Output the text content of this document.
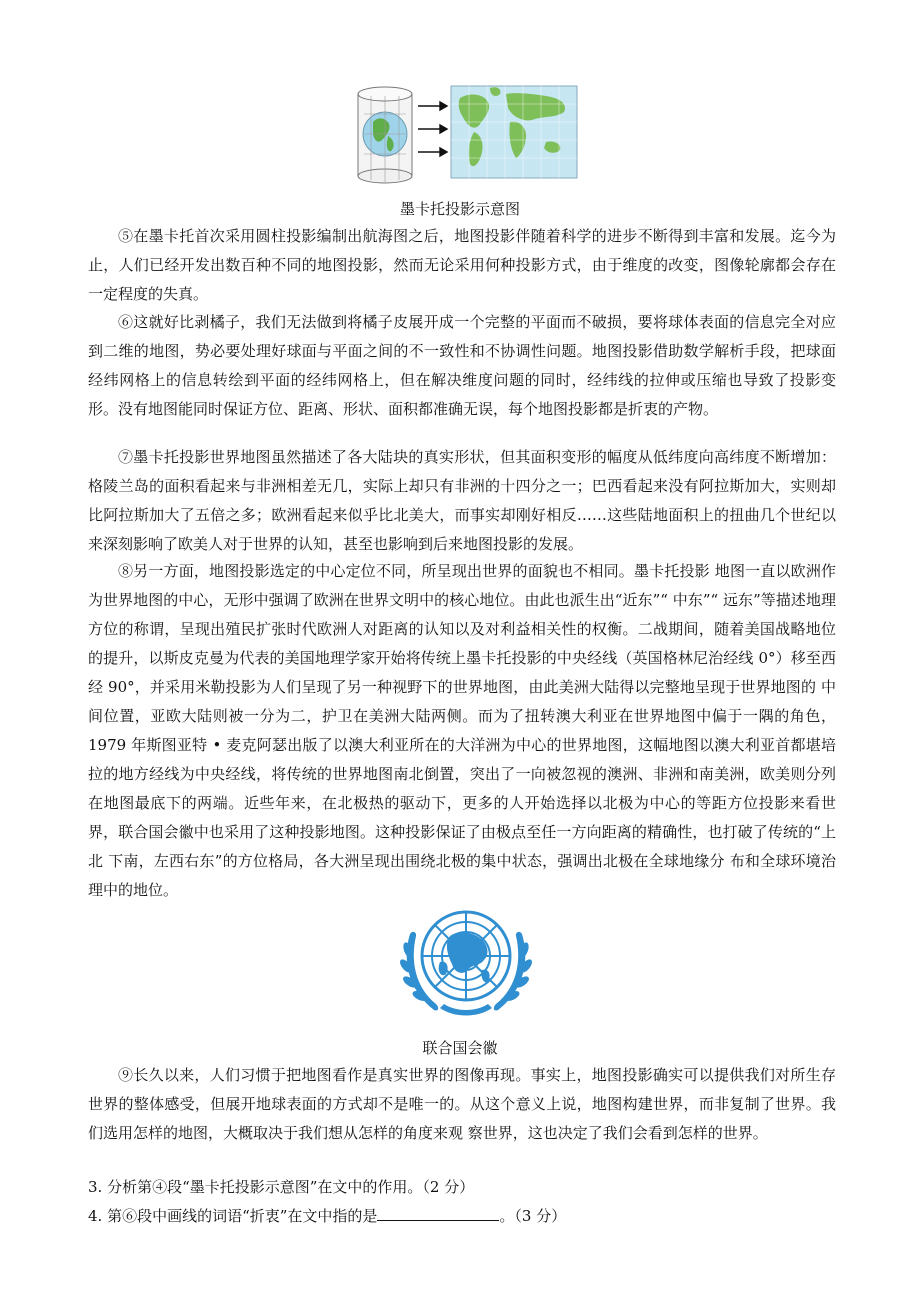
墨卡托投影示意图

⑤在墨卡托首次采用圆柱投影编制出航海图之后，地图投影伴随着科学的进步不断得到丰富和发展。迄今为止，人们已经开发出数百种不同的地图投影，然而无论采用何种投影方式，由于维度的改变，图像轮廓都会存在一定程度的失真。

⑥这就好比剥橘子，我们无法做到将橘子皮展开成一个完整的平面而不破损，要将球体表面的信息完全对应到二维的地图，势必要处理好球面与平面之间的不一致性和不协调性问题。地图投影借助数学解析手段，把球面经纬网格上的信息转绘到平面的经纬网格上，但在解决维度问题的同时，经纬线的拉伸或压缩也导致了投影变形。没有地图能同时保证方位、距离、形状、面积都准确无误，每个地图投影都是折衷的产物。

⑦墨卡托投影世界地图虽然描述了各大陆块的真实形状，但其面积变形的幅度从低纬度向高纬度不断增加：格陵兰岛的面积看起来与非洲相差无几，实际上却只有非洲的十四分之一；巴西看起来没有阿拉斯加大，实则却比阿拉斯加大了五倍之多；欧洲看起来似乎比北美大，而事实却刚好相反……这些陆地面积上的扭曲几个世纪以来深刻影响了欧美人对于世界的认知，甚至也影响到后来地图投影的发展。

⑧另一方面，地图投影选定的中心定位不同，所呈现出世界的面貌也不相同。墨卡托投影 地图一直以欧洲作为世界地图的中心，无形中强调了欧洲在世界文明中的核心地位。由此也派生出“近东”“ 中东”“ 远东”等描述地理方位的称谓，呈现出殖民扩张时代欧洲人对距离的认知以及对利益相关性的权衡。二战期间，随着美国战略地位的提升，以斯皮克曼为代表的美国地理学家开始将传统上墨卡托投影的中央经线（英国格林尼治经线 0°）移至西经 90°，并采用米勒投影为人们呈现了另一种视野下的世界地图，由此美洲大陆得以完整地呈现于世界地图的 中间位置，亚欧大陆则被一分为二，护卫在美洲大陆两侧。而为了扭转澳大利亚在世界地图中偏于一隅的角色，1979 年斯图亚特 • 麦克阿瑟出版了以澳大利亚所在的大洋洲为中心的世界地图，这幅地图以澳大利亚首都堪培拉的地方经线为中央经线，将传统的世界地图南北倒置，突出了一向被忽视的澳洲、非洲和南美洲，欧美则分列在地图最底下的两端。近些年来，在北极热的驱动下，更多的人开始选择以北极为中心的等距方位投影来看世界，联合国会徽中也采用了这种投影地图。这种投影保证了由极点至任一方向距离的精确性，也打破了传统的“上北 下南，左西右东”的方位格局，各大洲呈现出围绕北极的集中状态，强调出北极在全球地缘分 布和全球环境治理中的地位。

联合国会徽

⑨长久以来，人们习惯于把地图看作是真实世界的图像再现。事实上，地图投影确实可以提供我们对所生存世界的整体感受，但展开地球表面的方式却不是唯一的。从这个意义上说，地图构建世界，而非复制了世界。我们选用怎样的地图，大概取决于我们想从怎样的角度来观 察世界，这也决定了我们会看到怎样的世界。

3. 分析第④段“墨卡托投影示意图”在文中的作用。（2 分）

4. 第⑥段中画线的词语“折衷”在文中指的是	。（3 分）
